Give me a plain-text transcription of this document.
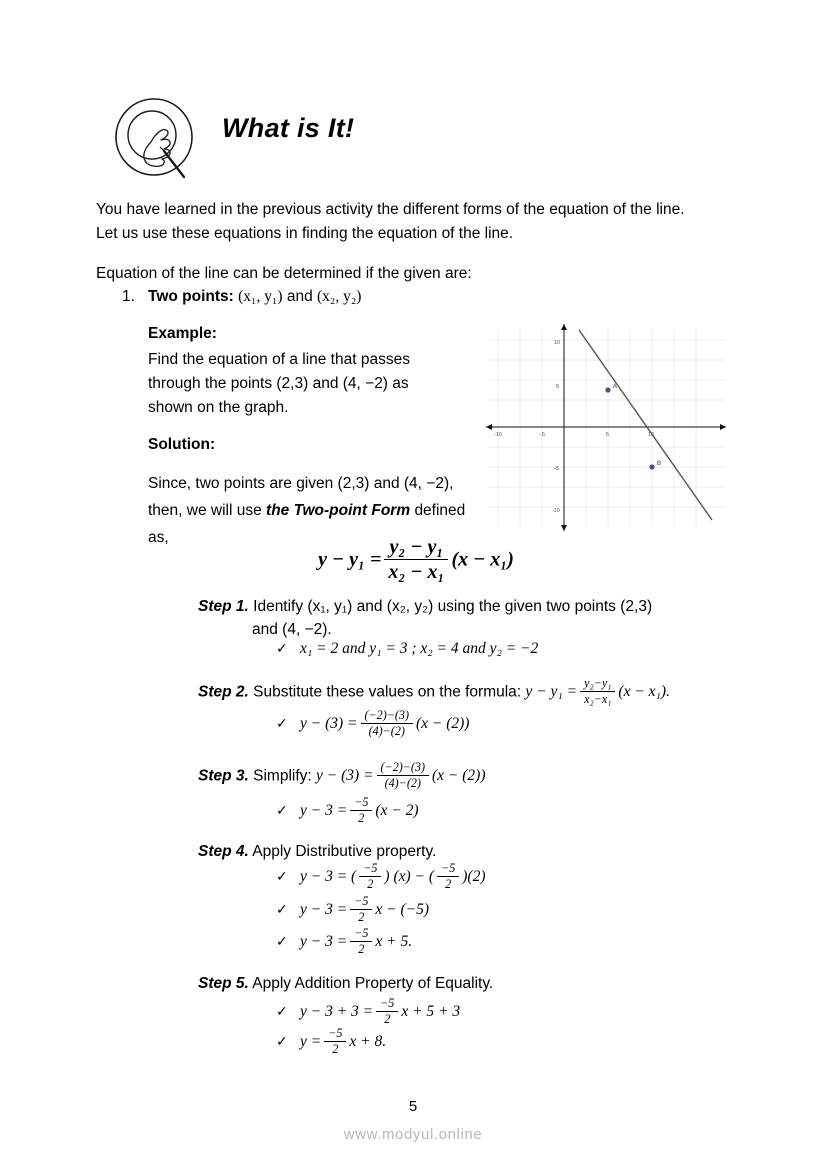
What is It!
You have learned in the previous activity the different forms of the equation of the line. Let us use these equations in finding the equation of the line.
Equation of the line can be determined if the given are:
1. Two points: (x₁, y₁) and (x₂, y₂)
Example:
Find the equation of a line that passes through the points (2,3) and (4, −2) as shown on the graph.
Solution:
Since, two points are given (2,3) and (4, −2), then, we will use the Two-point Form defined as,
A
B
-10	-5	5	10
10
5
-5
-10
$y - y_1 = \frac{\text{y₂ − y₁}}{\text{x₂ − x₁}} (x - x_1)$
Step 1. Identify (x₁, y₁) and (x₂, y₂) using the given two points (2,3)
and (4, −2).
✓ x₁ = 2 and y₁ = 3 ; x₂ = 4 and y₂ = −2
Step 2. Substitute these values on the formula: $y - y_1 = \frac{\text{y₂−y₁}}{\text{x₂−x₁}} (x - x_1)$.
✓ $y - (3) = \frac{(-2)-(3)}{(4)-(2)} (x - (2))$
Step 3. Simplify: $y - (3) = \frac{(-2)-(3)}{(4)-(2)} (x - (2))$
✓ $y - 3 = \frac{-5}{2} (x - 2)$
Step 4. Apply Distributive property.
✓ y − 3 = ( $\frac{-5}{2}$ ) (x) − ( $\frac{-5}{2} )(2)$
✓ $y - 3 = \frac{-5}{2}$ x − (−5)
✓ $y - 3 = \frac{-5}{2}$ x + 5.
Step 5. Apply Addition Property of Equality.
✓ $y - 3 + 3 = \frac{-5}{2}$ x + 5 + 3
✓ $y = \frac{-5}{2}$ x + 8.
5
www.modyul.online
